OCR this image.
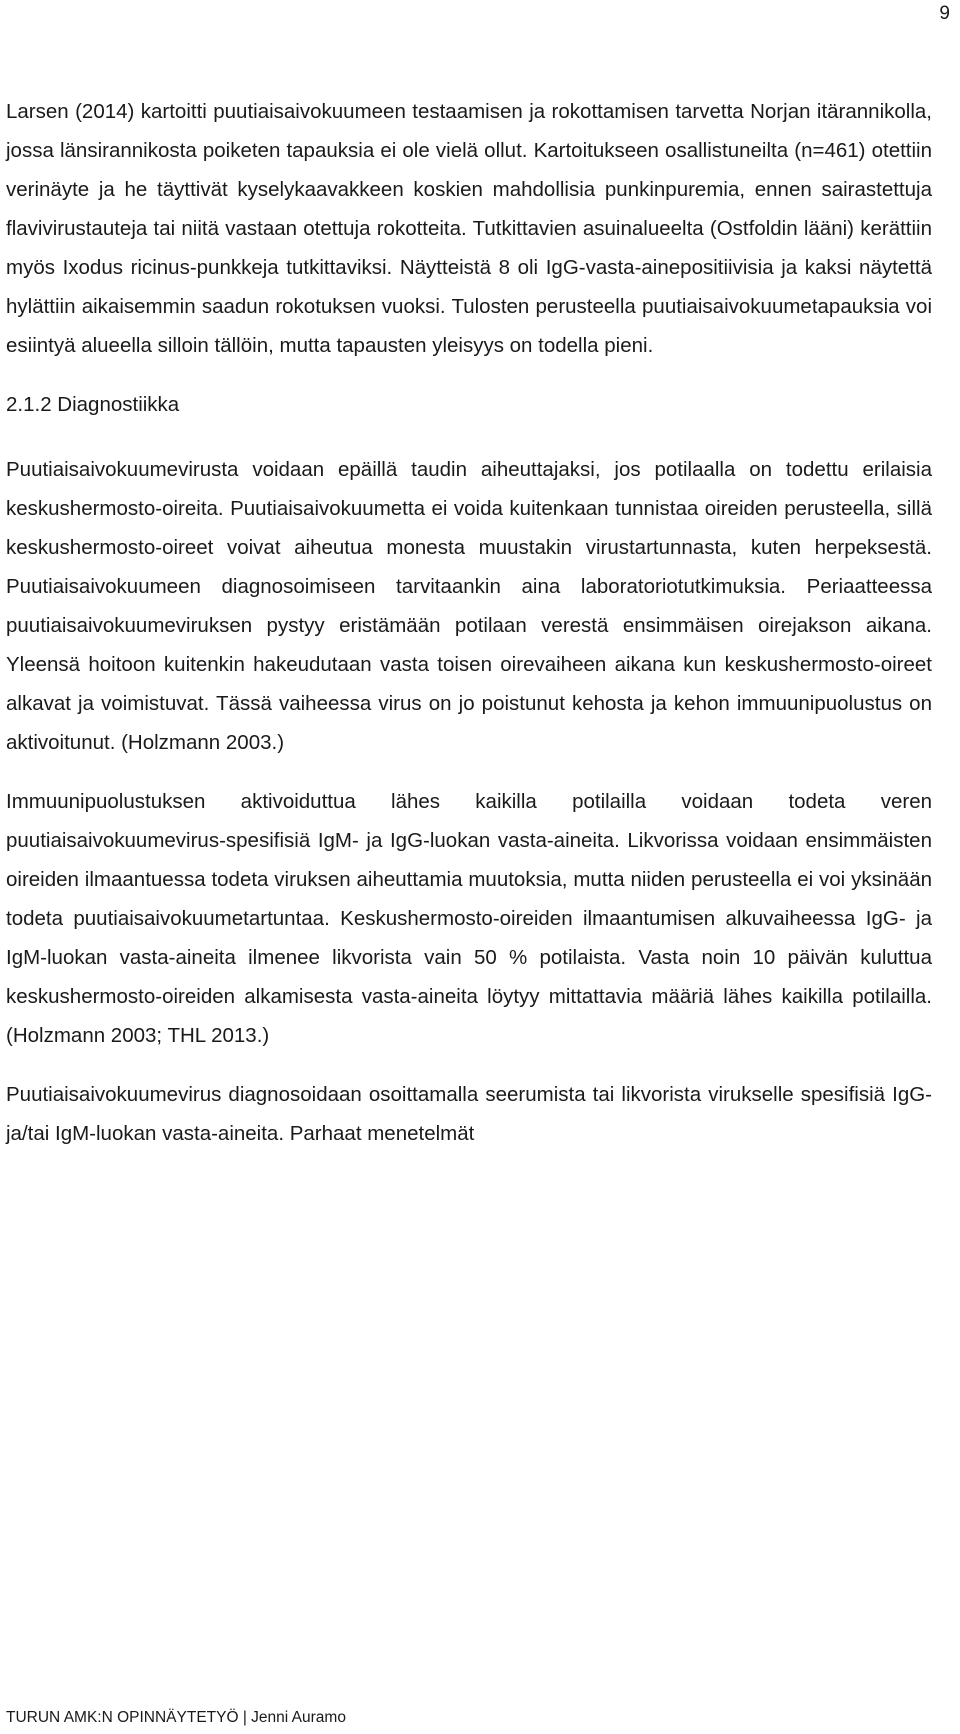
9

Larsen (2014) kartoitti puutiaisaivokuumeen testaamisen ja rokottamisen tarvetta Norjan itärannikolla, jossa länsirannikosta poiketen tapauksia ei ole vielä ollut. Kartoitukseen osallistuneilta (n=461) otettiin verinäyte ja he täyttivät kyselykaavakkeen koskien mahdollisia punkinpuremia, ennen sairastettuja flavivirustauteja tai niitä vastaan otettuja rokotteita. Tutkittavien asuinalueelta (Ostfoldin lääni) kerättiin myös Ixodus ricinus-punkkeja tutkittaviksi. Näytteistä 8 oli IgG-vasta-ainepositiivisia ja kaksi näytettä hylättiin aikaisemmin saadun rokotuksen vuoksi. Tulosten perusteella puutiaisaivokuumetapauksia voi esiintyä alueella silloin tällöin, mutta tapausten yleisyys on todella pieni.

2.1.2 Diagnostiikka

Puutiaisaivokuumevirusta voidaan epäillä taudin aiheuttajaksi, jos potilaalla on todettu erilaisia keskushermosto-oireita. Puutiaisaivokuumetta ei voida kuitenkaan tunnistaa oireiden perusteella, sillä keskushermosto-oireet voivat aiheutua monesta muustakin virustartunnasta, kuten herpeksestä. Puutiaisaivokuumeen diagnosoimiseen tarvitaankin aina laboratoriotutkimuksia. Periaatteessa puutiaisaivokuumeviruksen pystyy eristämään potilaan verestä ensimmäisen oirejakson aikana. Yleensä hoitoon kuitenkin hakeudutaan vasta toisen oirevaiheen aikana kun keskushermosto-oireet alkavat ja voimistuvat. Tässä vaiheessa virus on jo poistunut kehosta ja kehon immuunipuolustus on aktivoitunut. (Holzmann 2003.)

Immuunipuolustuksen aktivoiduttua lähes kaikilla potilailla voidaan todeta veren puutiaisaivokuumevirus-spesifisiä IgM- ja IgG-luokan vasta-aineita. Likvorissa voidaan ensimmäisten oireiden ilmaantuessa todeta viruksen aiheuttamia muutoksia, mutta niiden perusteella ei voi yksinään todeta puutiaisaivokuumetartuntaa. Keskushermosto-oireiden ilmaantumisen alkuvaiheessa IgG- ja IgM-luokan vasta-aineita ilmenee likvorista vain 50 % potilaista. Vasta noin 10 päivän kuluttua keskushermosto-oireiden alkamisesta vasta-aineita löytyy mittattavia määriä lähes kaikilla potilailla. (Holzmann 2003; THL 2013.)

Puutiaisaivokuumevirus diagnosoidaan osoittamalla seerumista tai likvorista virukselle spesifisiä IgG- ja/tai IgM-luokan vasta-aineita. Parhaat menetelmät

TURUN AMK:N OPINNÄYTETYÖ | Jenni Auramo
